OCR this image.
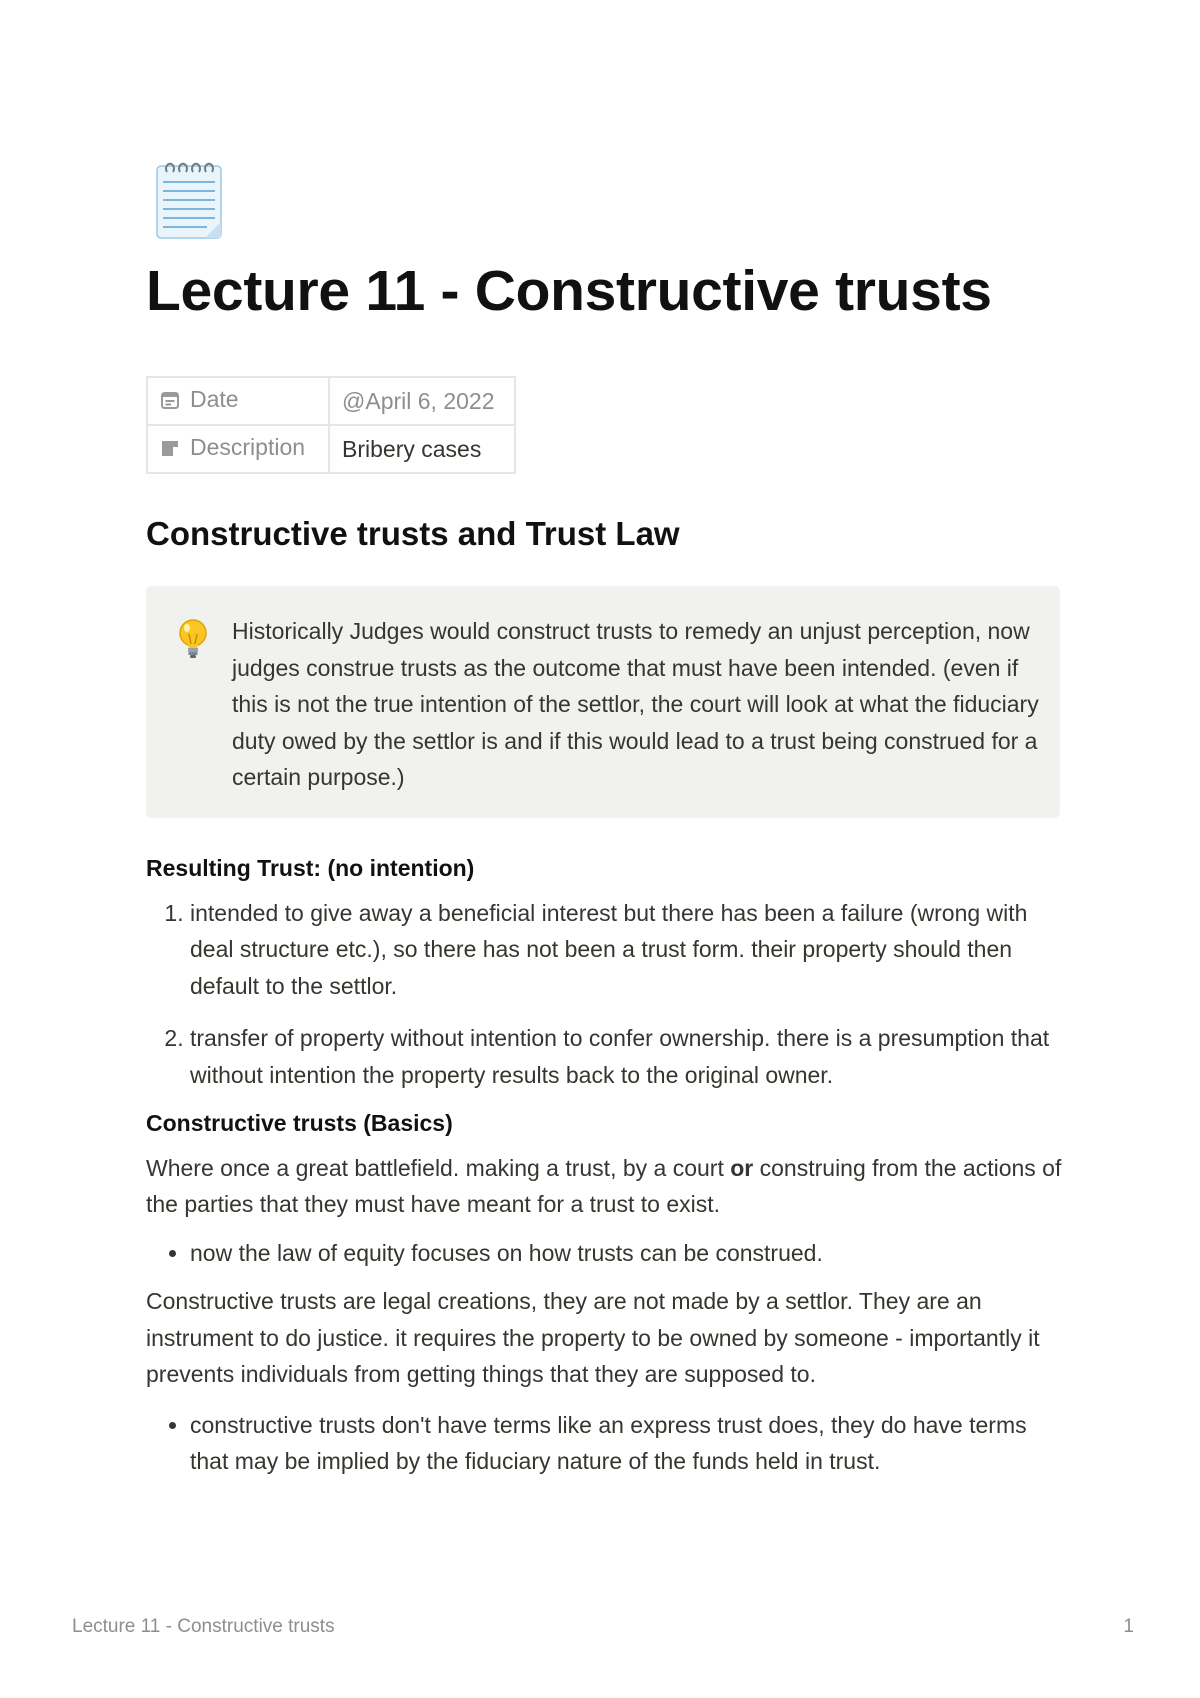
Lecture 11 - Constructive trusts
Date	@April 6, 2022
Description	Bribery cases
Constructive trusts and Trust Law
Historically Judges would construct trusts to remedy an unjust perception, now judges construe trusts as the outcome that must have been intended. (even if this is not the true intention of the settlor, the court will look at what the fiduciary duty owed by the settlor is and if this would lead to a trust being construed for a certain purpose.)

Resulting Trust: (no intention)

1. intended to give away a beneficial interest but there has been a failure (wrong with deal structure etc.), so there has not been a trust form. their property should then default to the settlor.
2. transfer of property without intention to confer ownership. there is a presumption that without intention the property results back to the original owner.

Constructive trusts (Basics)

Where once a great battlefield. making a trust, by a court or construing from the actions of the parties that they must have meant for a trust to exist.

• now the law of equity focuses on how trusts can be construed.

Constructive trusts are legal creations, they are not made by a settlor. They are an instrument to do justice. it requires the property to be owned by someone - importantly it prevents individuals from getting things that they are supposed to.

• constructive trusts don't have terms like an express trust does, they do have terms that may be implied by the fiduciary nature of the funds held in trust.
Lecture 11 - Constructive trusts	1
